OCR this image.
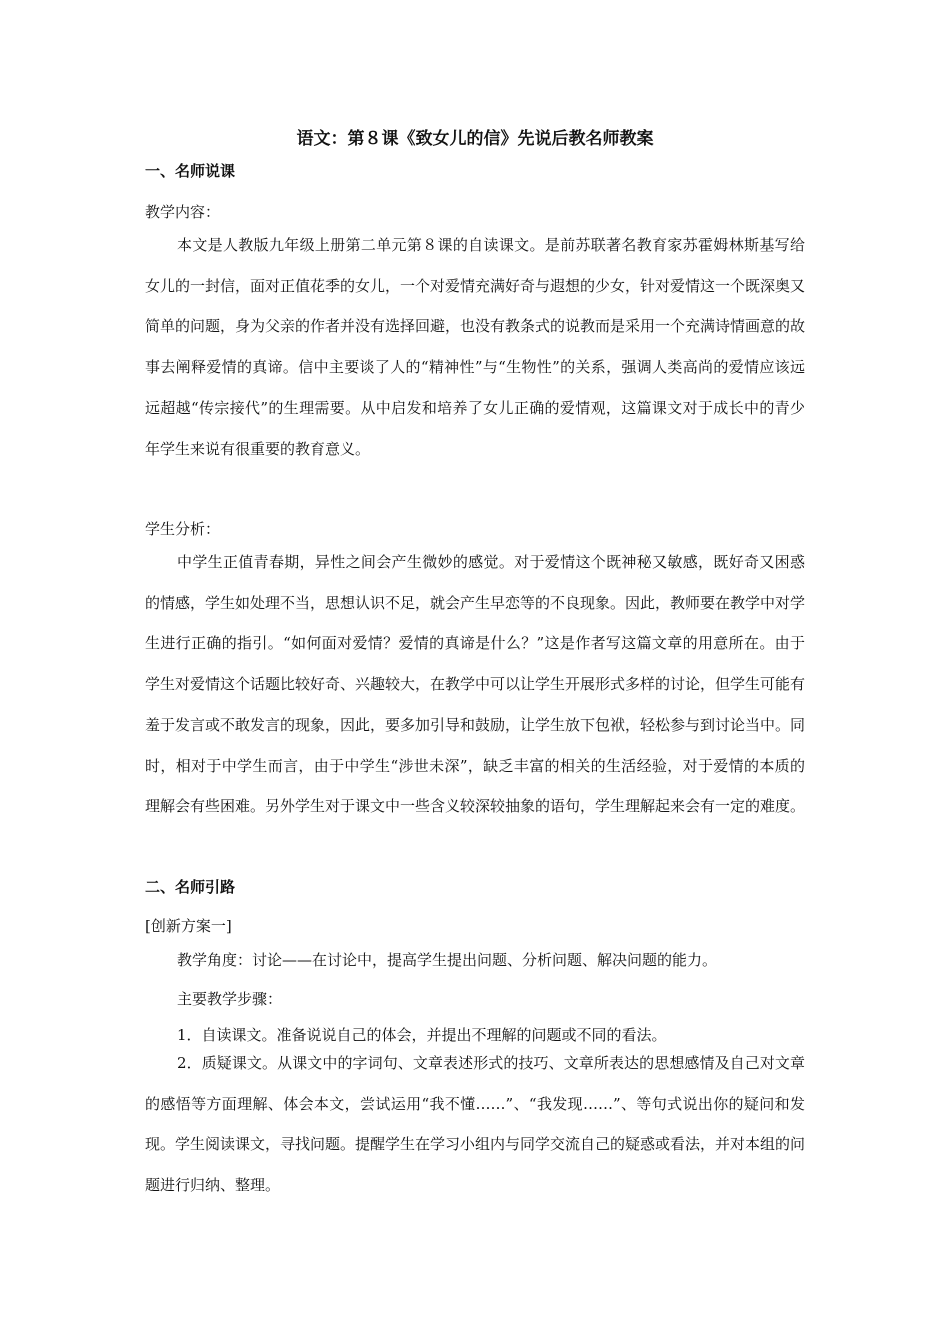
语文：第８课《致女儿的信》先说后教名师教案
一、名师说课
教学内容：

本文是人教版九年级上册第二单元第８课的自读课文。是前苏联著名教育家苏霍姆林斯基写给女儿的一封信，面对正值花季的女儿，一个对爱情充满好奇与遐想的少女，针对爱情这一个既深奥又简单的问题，身为父亲的作者并没有选择回避，也没有教条式的说教而是采用一个充满诗情画意的故事去阐释爱情的真谛。信中主要谈了人的“精神性”与“生物性”的关系，强调人类高尚的爱情应该远远超越“传宗接代”的生理需要。从中启发和培养了女儿正确的爱情观，这篇课文对于成长中的青少年学生来说有很重要的教育意义。

学生分析：

中学生正值青春期，异性之间会产生微妙的感觉。对于爱情这个既神秘又敏感，既好奇又困惑的情感，学生如处理不当，思想认识不足，就会产生早恋等的不良现象。因此，教师要在教学中对学生进行正确的指引。“如何面对爱情？爱情的真谛是什么？”这是作者写这篇文章的用意所在。由于学生对爱情这个话题比较好奇、兴趣较大，在教学中可以让学生开展形式多样的讨论，但学生可能有羞于发言或不敢发言的现象，因此，要多加引导和鼓励，让学生放下包袱，轻松参与到讨论当中。同时，相对于中学生而言，由于中学生“涉世未深”，缺乏丰富的相关的生活经验，对于爱情的本质的理解会有些困难。另外学生对于课文中一些含义较深较抽象的语句，学生理解起来会有一定的难度。

二、名师引路
[创新方案一]
教学角度：讨论——在讨论中，提高学生提出问题、分析问题、解决问题的能力。
主要教学步骤：
1．自读课文。准备说说自己的体会，并提出不理解的问题或不同的看法。

2．质疑课文。从课文中的字词句、文章表述形式的技巧、文章所表达的思想感情及自己对文章的感悟等方面理解、体会本文，尝试运用“我不懂……”、“我发现……”、等句式说出你的疑问和发现。学生阅读课文，寻找问题。提醒学生在学习小组内与同学交流自己的疑惑或看法，并对本组的问题进行归纳、整理。
